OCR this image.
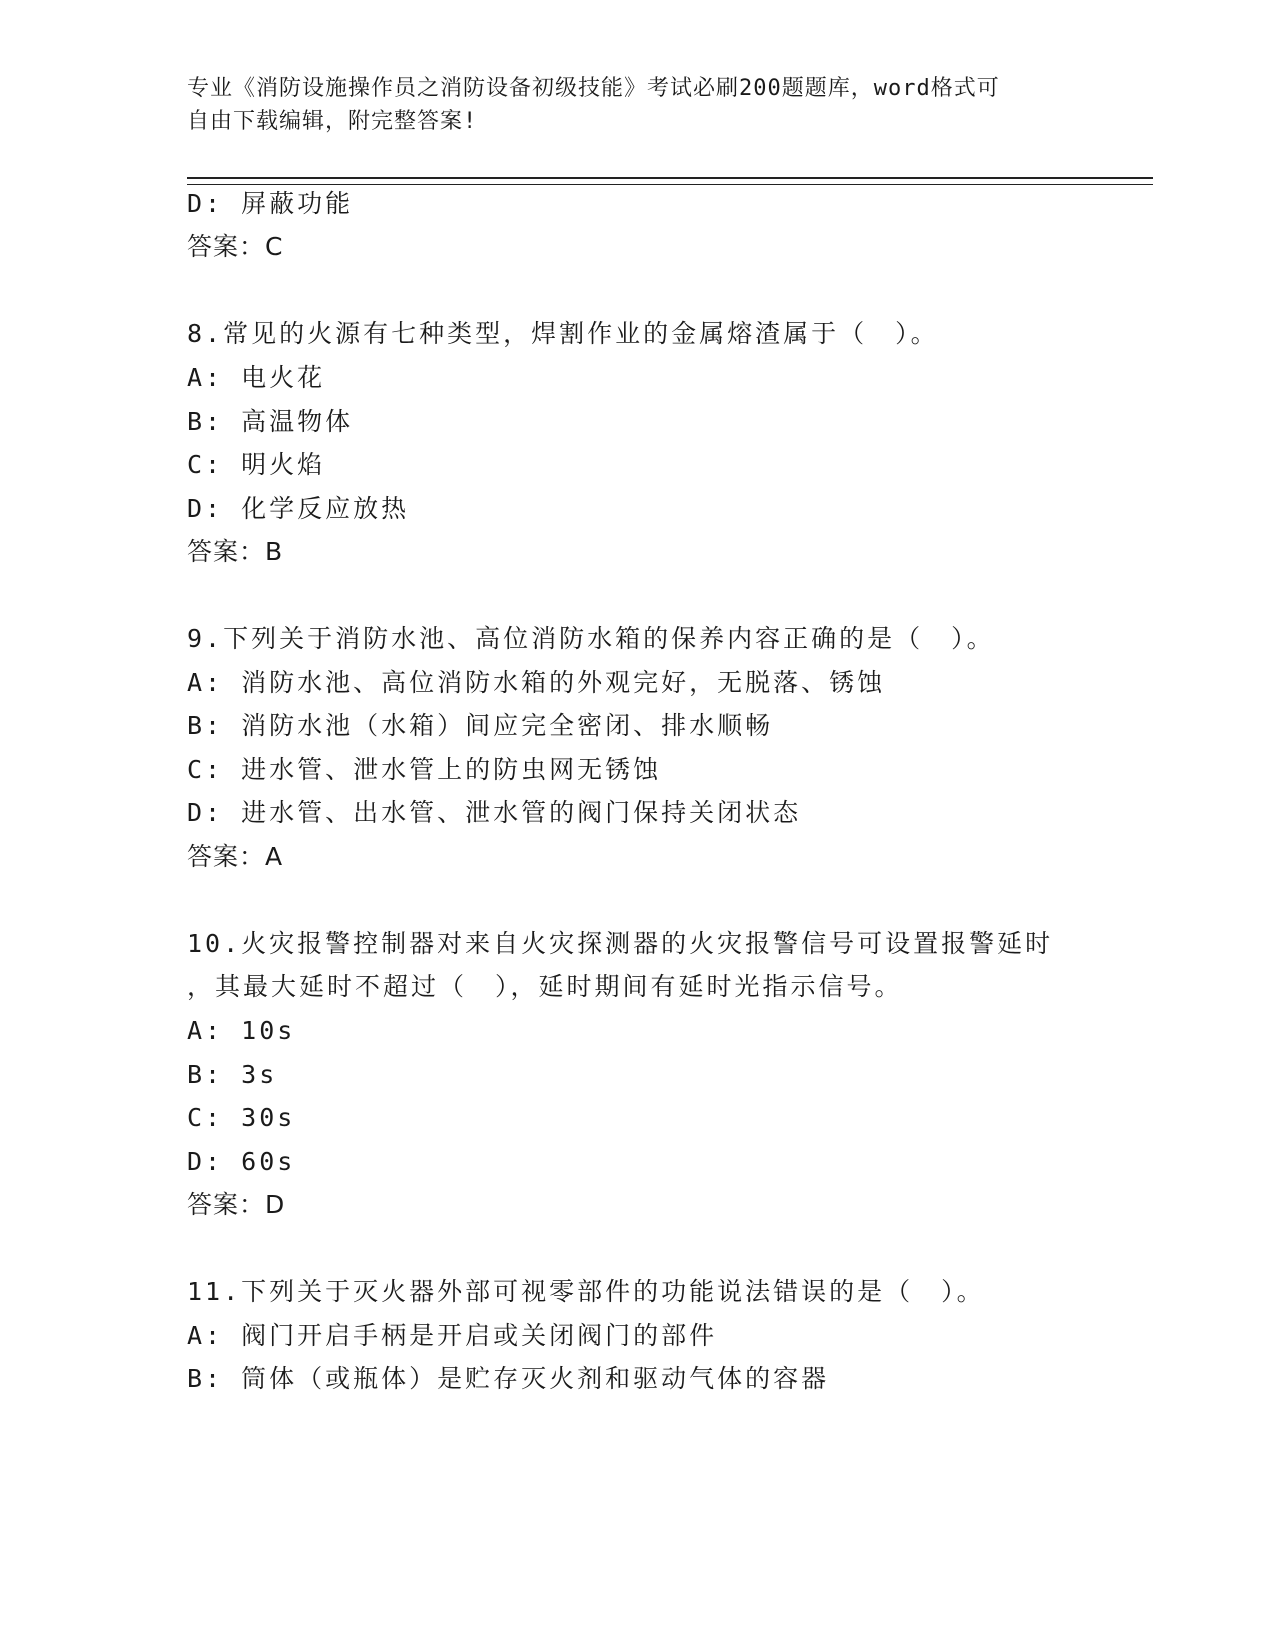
专业《消防设施操作员之消防设备初级技能》考试必刷200题题库，word格式可
自由下载编辑，附完整答案!
D: 屏蔽功能
答案：C
8.常见的火源有七种类型，焊割作业的金属熔渣属于（　）。
A: 电火花
B: 高温物体
C: 明火焰
D: 化学反应放热
答案：B
9.下列关于消防水池、高位消防水箱的保养内容正确的是（　）。
A: 消防水池、高位消防水箱的外观完好，无脱落、锈蚀
B: 消防水池（水箱）间应完全密闭、排水顺畅
C: 进水管、泄水管上的防虫网无锈蚀
D: 进水管、出水管、泄水管的阀门保持关闭状态
答案：A
10.火灾报警控制器对来自火灾探测器的火灾报警信号可设置报警延时
，其最大延时不超过（　），延时期间有延时光指示信号。
A: 10s
B: 3s
C: 30s
D: 60s
答案：D
11.下列关于灭火器外部可视零部件的功能说法错误的是（　）。
A: 阀门开启手柄是开启或关闭阀门的部件
B: 筒体（或瓶体）是贮存灭火剂和驱动气体的容器
